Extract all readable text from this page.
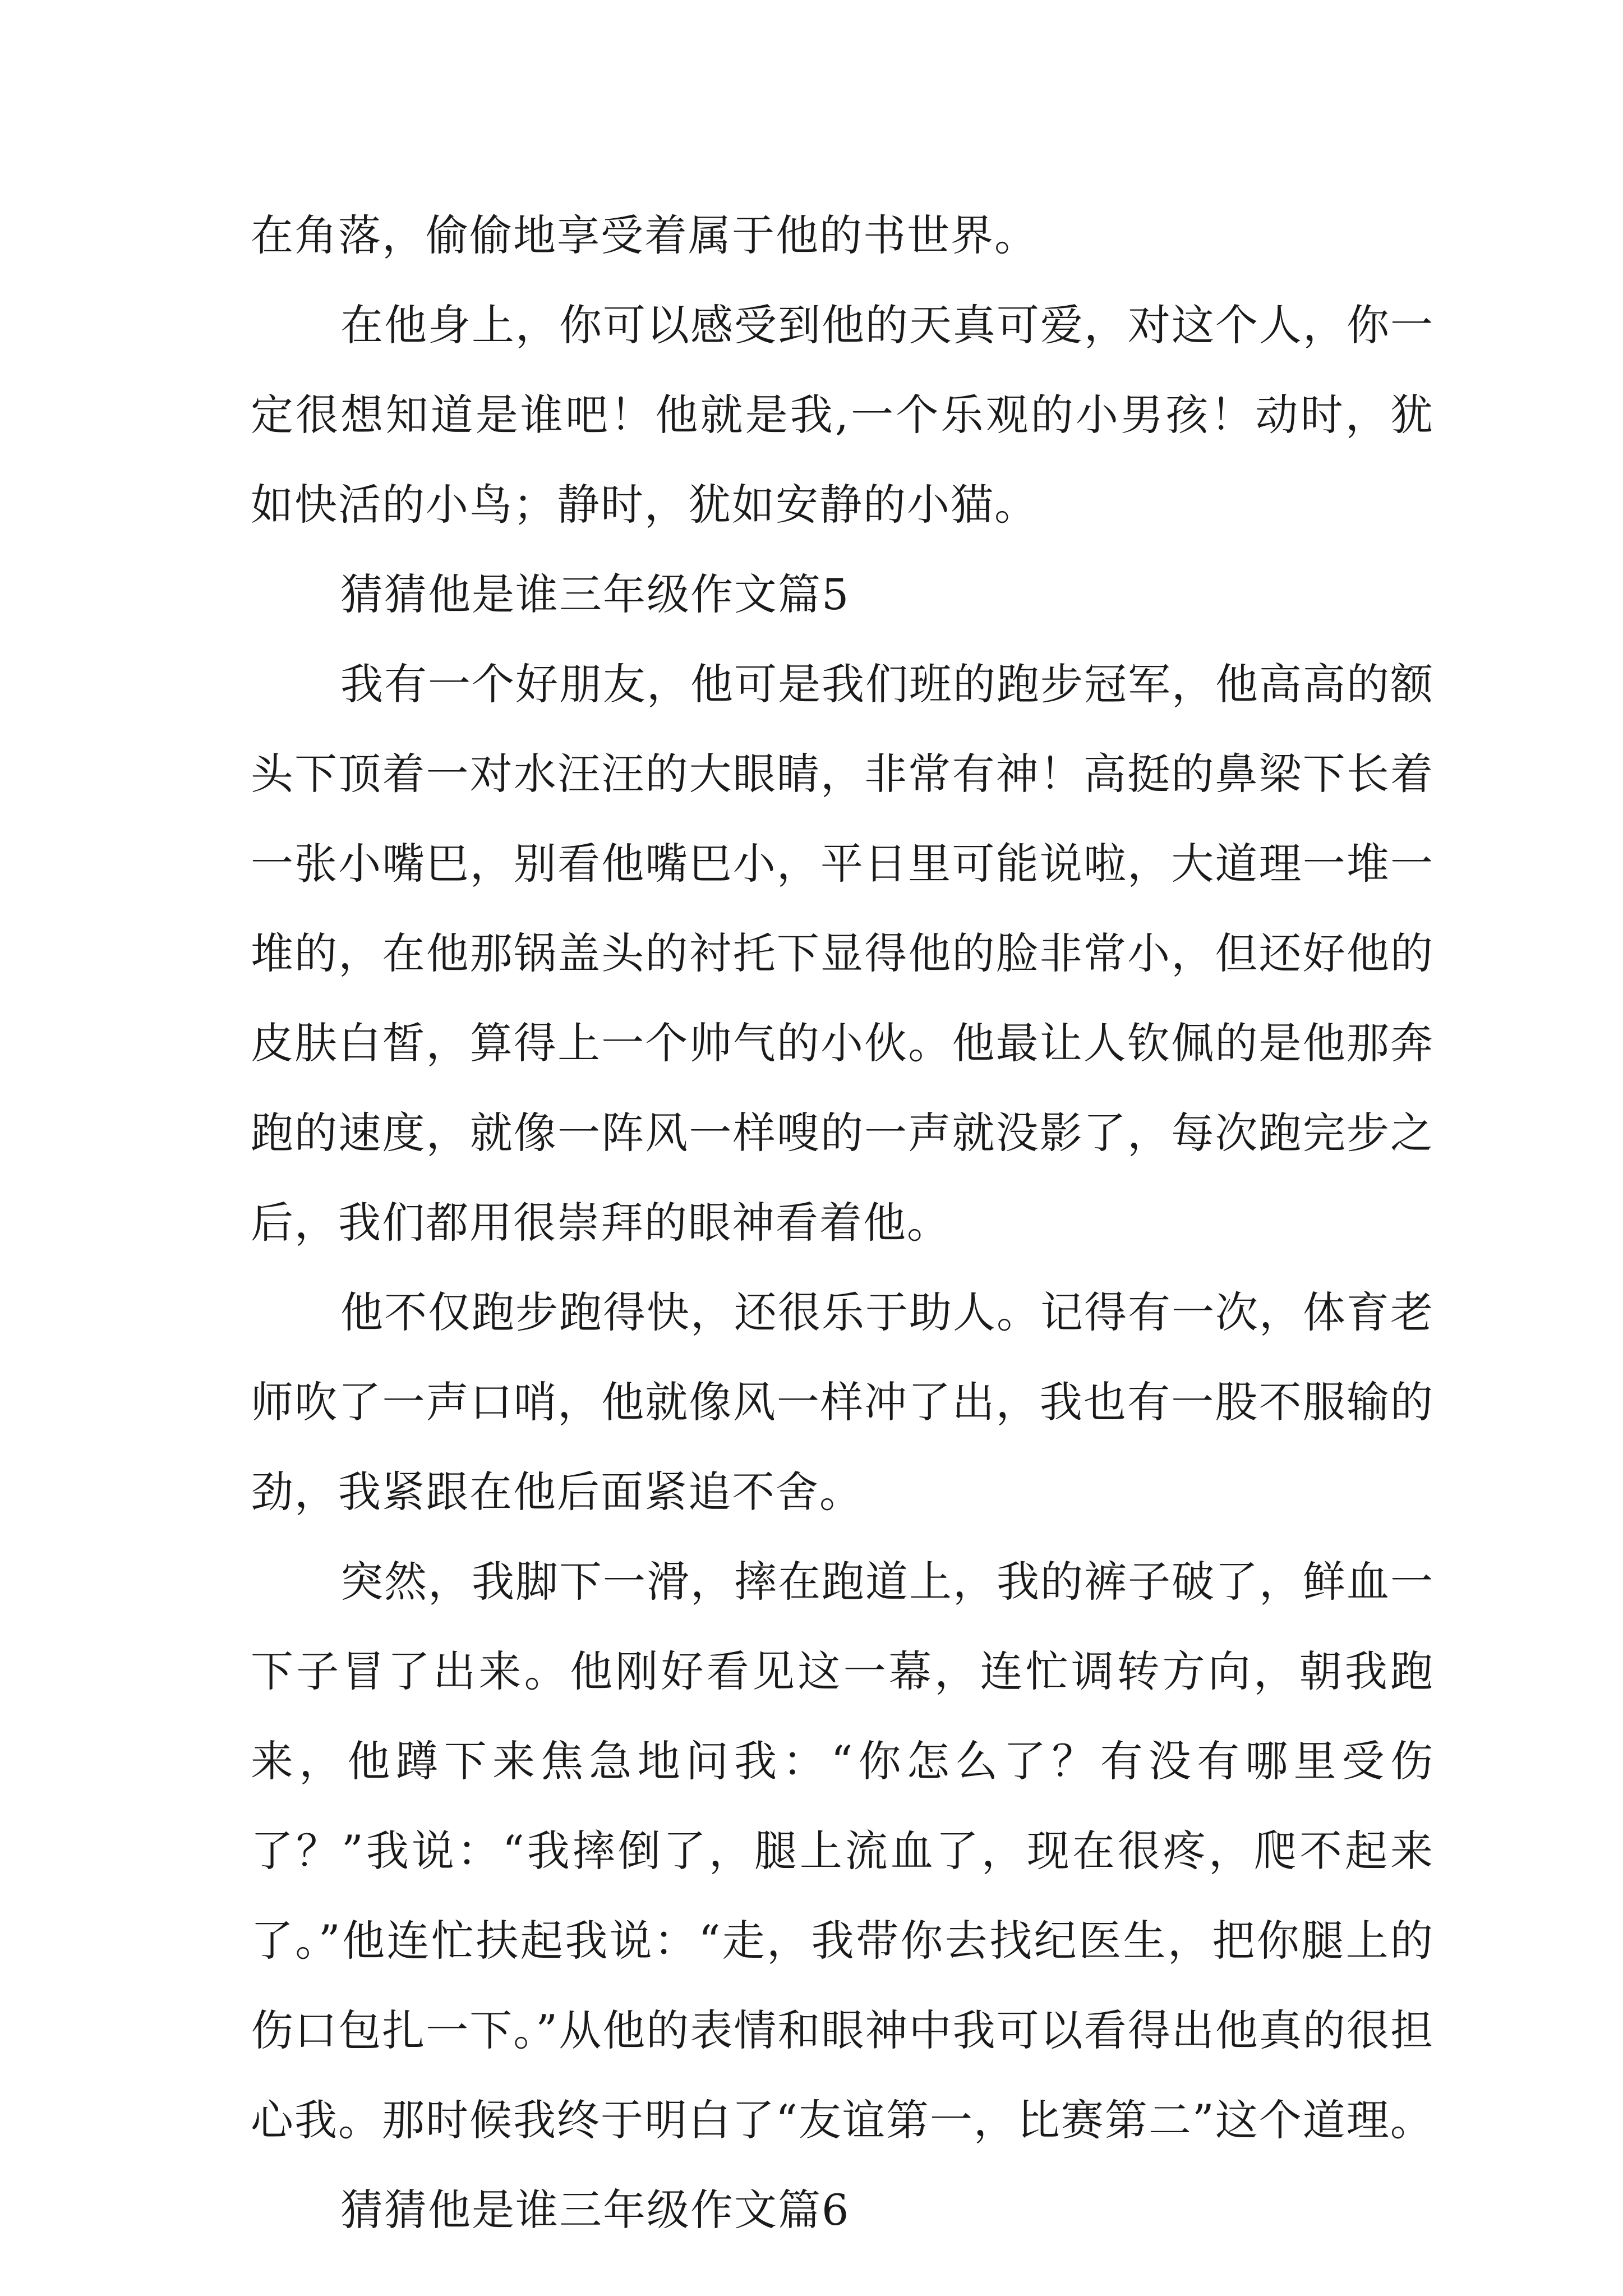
在角落，偷偷地享受着属于他的书世界。

在他身上，你可以感受到他的天真可爱，对这个人，你一定很想知道是谁吧！他就是我,一个乐观的小男孩！动时，犹如快活的小鸟；静时，犹如安静的小猫。

猜猜他是谁三年级作文篇5

我有一个好朋友，他可是我们班的跑步冠军，他高高的额头下顶着一对水汪汪的大眼睛，非常有神！高挺的鼻梁下长着一张小嘴巴，别看他嘴巴小，平日里可能说啦，大道理一堆一堆的，在他那锅盖头的衬托下显得他的脸非常小，但还好他的皮肤白皙，算得上一个帅气的小伙。他最让人钦佩的是他那奔跑的速度，就像一阵风一样嗖的一声就没影了，每次跑完步之后，我们都用很崇拜的眼神看着他。

他不仅跑步跑得快，还很乐于助人。记得有一次，体育老师吹了一声口哨，他就像风一样冲了出，我也有一股不服输的劲，我紧跟在他后面紧追不舍。

突然，我脚下一滑，摔在跑道上，我的裤子破了，鲜血一下子冒了出来。他刚好看见这一幕，连忙调转方向，朝我跑来，他蹲下来焦急地问我：“你怎么了？有没有哪里受伤了？”我说：“我摔倒了，腿上流血了，现在很疼，爬不起来了。”他连忙扶起我说：“走，我带你去找纪医生，把你腿上的伤口包扎一下。”从他的表情和眼神中我可以看得出他真的很担心我。那时候我终于明白了“友谊第一，比赛第二”这个道理。

猜猜他是谁三年级作文篇6
